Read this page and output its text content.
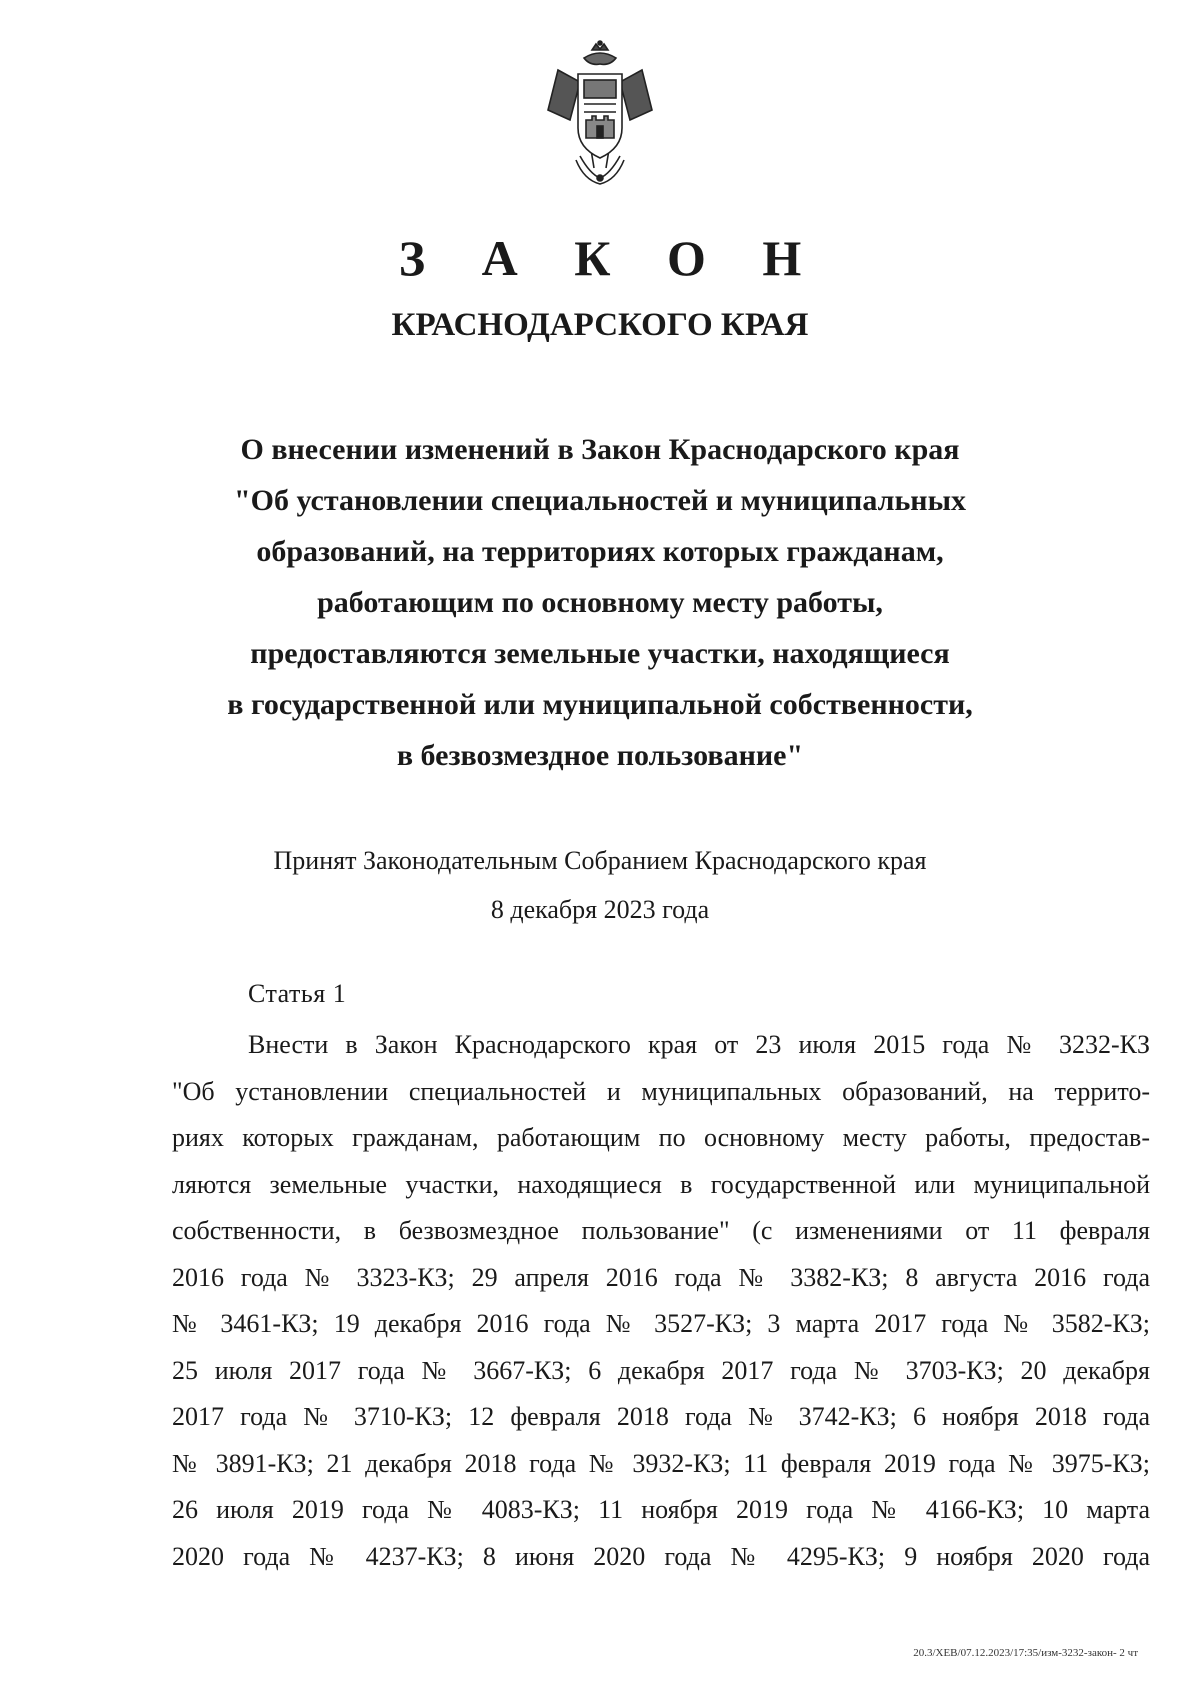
З А К О Н
КРАСНОДАРСКОГО КРАЯ
О внесении изменений в Закон Краснодарского края
"Об установлении специальностей и муниципальных
образований, на территориях которых гражданам,
работающим по основному месту работы,
предоставляются земельные участки, находящиеся
в государственной или муниципальной собственности,
в безвозмездное пользование"
Принят Законодательным Собранием Краснодарского края
8 декабря 2023 года
Статья 1
Внести в Закон Краснодарского края от 23 июля 2015 года № 3232-КЗ
"Об установлении специальностей и муниципальных образований, на террито-
риях которых гражданам, работающим по основному месту работы, предостав-
ляются земельные участки, находящиеся в государственной или муниципальной
собственности, в безвозмездное пользование" (с изменениями от 11 февраля
2016 года № 3323-КЗ; 29 апреля 2016 года № 3382-КЗ; 8 августа 2016 года
№ 3461-КЗ; 19 декабря 2016 года № 3527-КЗ; 3 марта 2017 года № 3582-КЗ;
25 июля 2017 года № 3667-КЗ; 6 декабря 2017 года № 3703-КЗ; 20 декабря
2017 года № 3710-КЗ; 12 февраля 2018 года № 3742-КЗ; 6 ноября 2018 года
№ 3891-КЗ; 21 декабря 2018 года № 3932-КЗ; 11 февраля 2019 года № 3975-КЗ;
26 июля 2019 года № 4083-КЗ; 11 ноября 2019 года № 4166-КЗ; 10 марта
2020 года № 4237-КЗ; 8 июня 2020 года № 4295-КЗ; 9 ноября 2020 года
20.3/ХЕВ/07.12.2023/17:35/изм-3232-закон- 2 чт
